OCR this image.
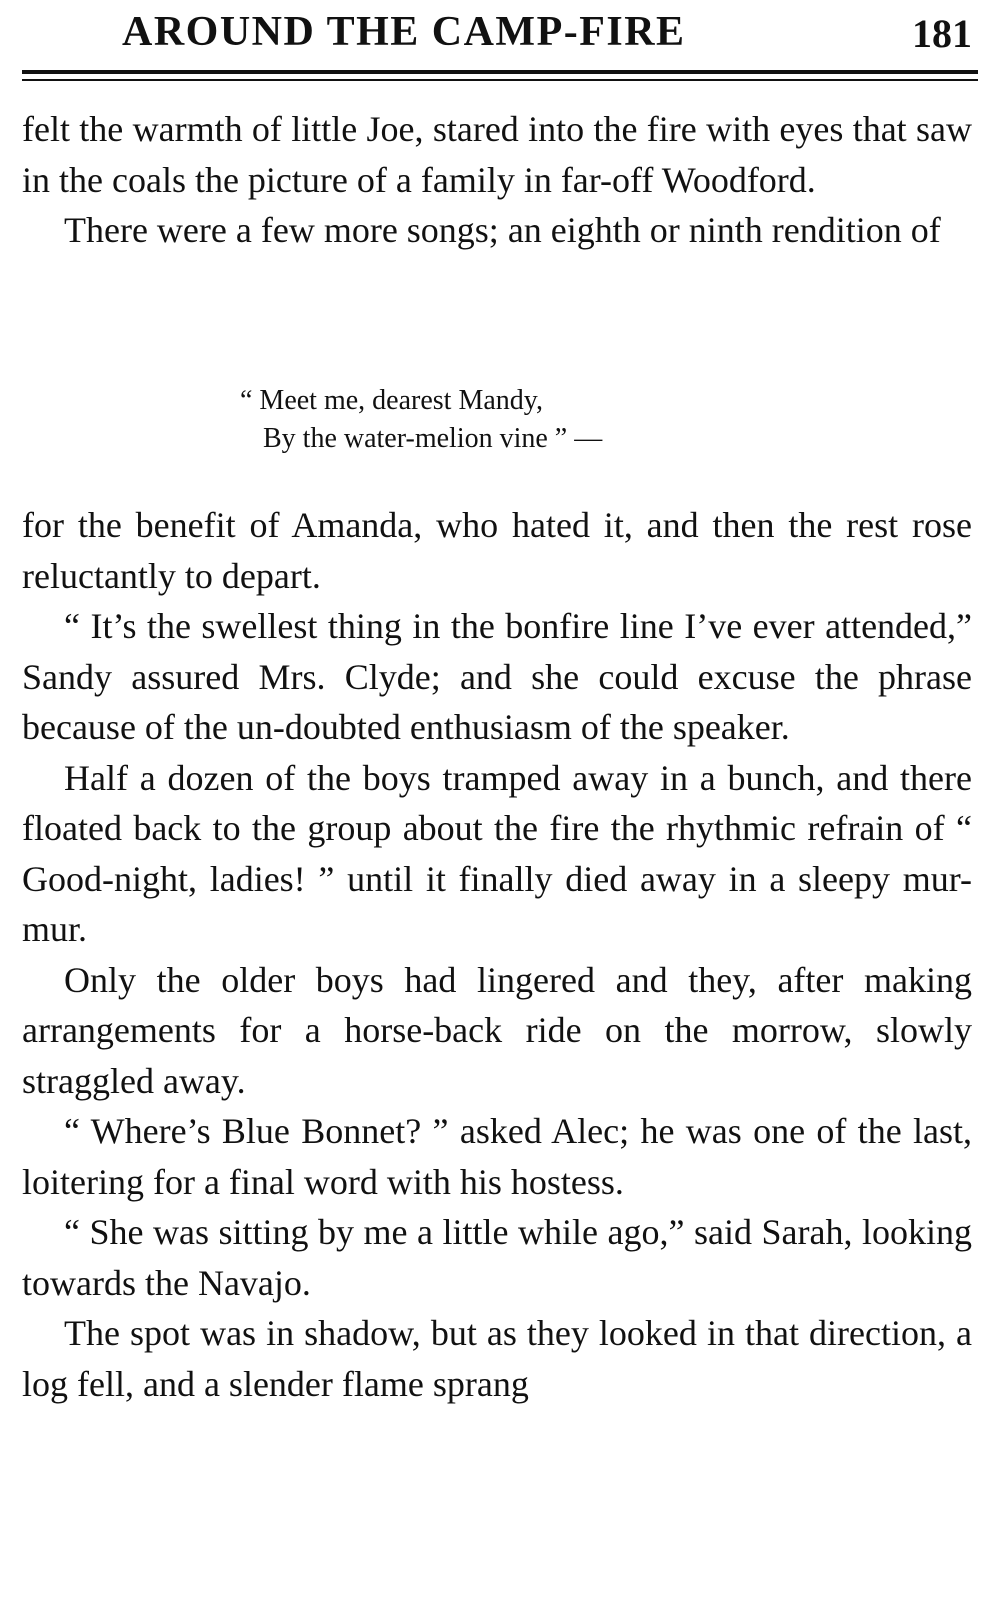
AROUND THE CAMP-FIRE	181

felt the warmth of little Joe, stared into the fire with eyes that saw in the coals the picture of a family in far-off Woodford.

There were a few more songs; an eighth or ninth rendition of

“ Meet me, dearest Mandy,
By the water-melion vine ” —

for the benefit of Amanda, who hated it, and then the rest rose reluctantly to depart.

“ It’s the swellest thing in the bonfire line I’ve ever attended,” Sandy assured Mrs. Clyde; and she could excuse the phrase because of the un-doubted enthusiasm of the speaker.

Half a dozen of the boys tramped away in a bunch, and there floated back to the group about the fire the rhythmic refrain of “ Good-night, ladies! ” until it finally died away in a sleepy mur-mur.

Only the older boys had lingered and they, after making arrangements for a horse-back ride on the morrow, slowly straggled away.

“ Where’s Blue Bonnet? ” asked Alec; he was one of the last, loitering for a final word with his hostess.

“ She was sitting by me a little while ago,” said Sarah, looking towards the Navajo.

The spot was in shadow, but as they looked in that direction, a log fell, and a slender flame sprang
